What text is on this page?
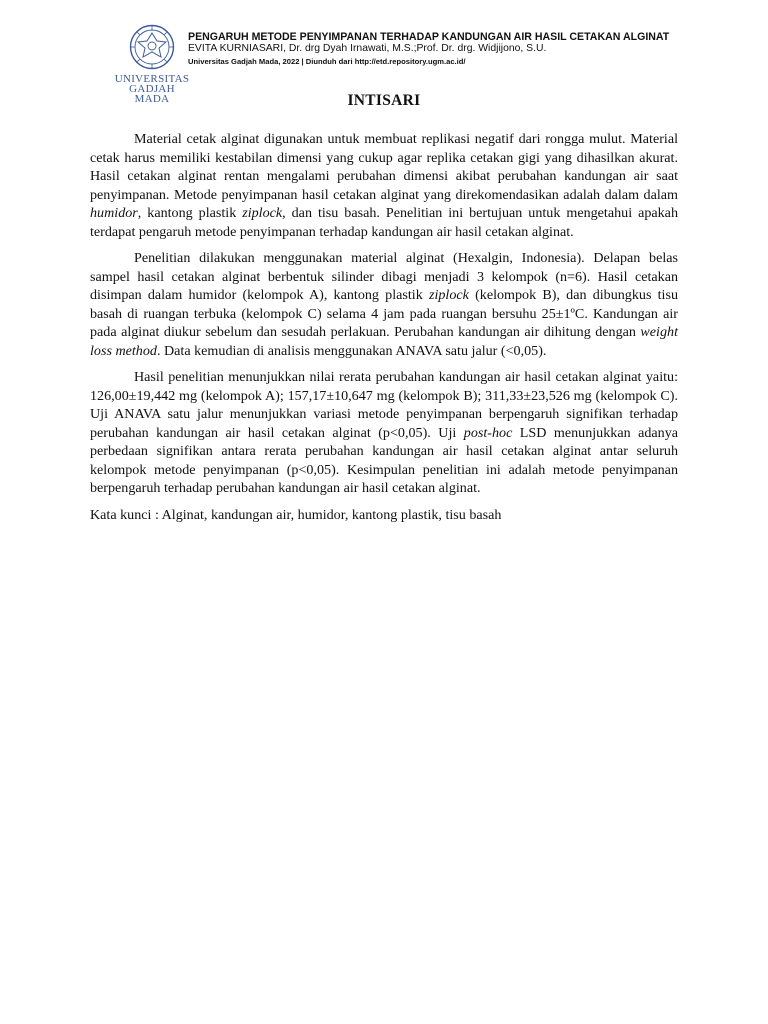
UNIVERSITAS
GADJAH MADA
PENGARUH METODE PENYIMPANAN TERHADAP KANDUNGAN AIR HASIL CETAKAN ALGINAT
EVITA KURNIASARI, Dr. drg Dyah Irnawati, M.S.;Prof. Dr. drg. Widjijono, S.U.
Universitas Gadjah Mada, 2022 | Diunduh dari http://etd.repository.ugm.ac.id/
INTISARI

Material cetak alginat digunakan untuk membuat replikasi negatif dari rongga mulut. Material cetak harus memiliki kestabilan dimensi yang cukup agar replika cetakan gigi yang dihasilkan akurat. Hasil cetakan alginat rentan mengalami perubahan dimensi akibat perubahan kandungan air saat penyimpanan. Metode penyimpanan hasil cetakan alginat yang direkomendasikan adalah dalam dalam humidor, kantong plastik ziplock, dan tisu basah. Penelitian ini bertujuan untuk mengetahui apakah terdapat pengaruh metode penyimpanan terhadap kandungan air hasil cetakan alginat.

Penelitian dilakukan menggunakan material alginat (Hexalgin, Indonesia). Delapan belas sampel hasil cetakan alginat berbentuk silinder dibagi menjadi 3 kelompok (n=6). Hasil cetakan disimpan dalam humidor (kelompok A), kantong plastik ziplock (kelompok B), dan dibungkus tisu basah di ruangan terbuka (kelompok C) selama 4 jam pada ruangan bersuhu 25±1ºC. Kandungan air pada alginat diukur sebelum dan sesudah perlakuan. Perubahan kandungan air dihitung dengan weight loss method. Data kemudian di analisis menggunakan ANAVA satu jalur (<0,05).

Hasil penelitian menunjukkan nilai rerata perubahan kandungan air hasil cetakan alginat yaitu: 126,00±19,442 mg (kelompok A); 157,17±10,647 mg (kelompok B); 311,33±23,526 mg (kelompok C). Uji ANAVA satu jalur menunjukkan variasi metode penyimpanan berpengaruh signifikan terhadap perubahan kandungan air hasil cetakan alginat (p<0,05). Uji post-hoc LSD menunjukkan adanya perbedaan signifikan antara rerata perubahan kandungan air hasil cetakan alginat antar seluruh kelompok metode penyimpanan (p<0,05). Kesimpulan penelitian ini adalah metode penyimpanan berpengaruh terhadap perubahan kandungan air hasil cetakan alginat.

Kata kunci : Alginat, kandungan air, humidor, kantong plastik, tisu basah
